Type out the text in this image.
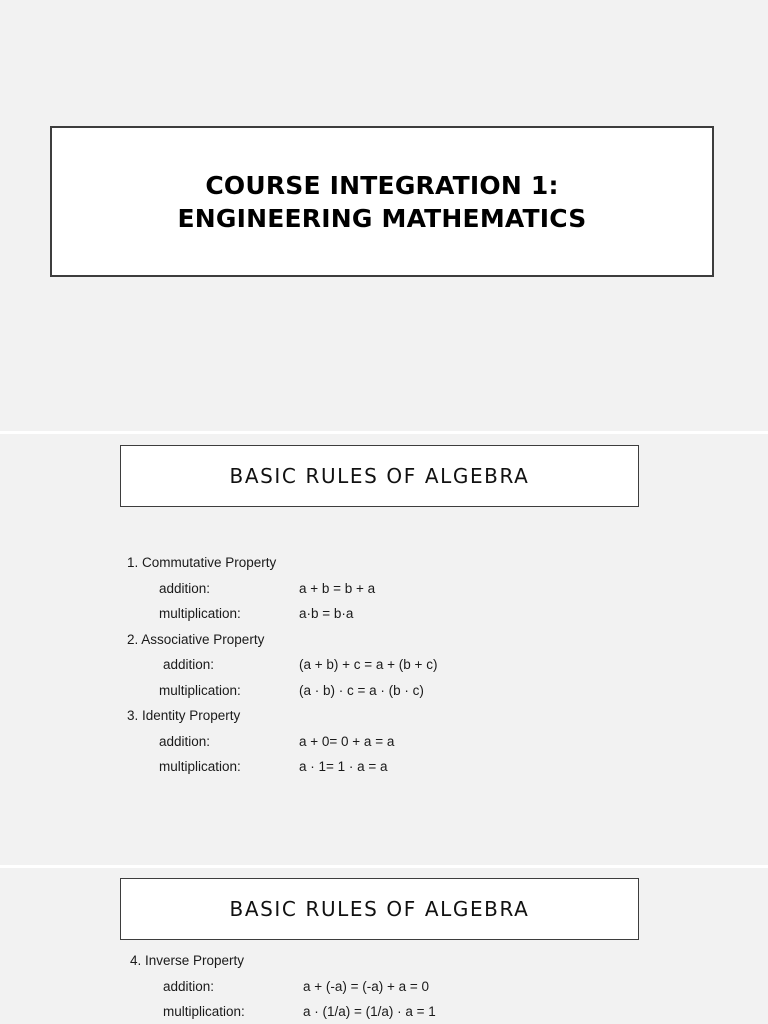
COURSE INTEGRATION 1:
ENGINEERING MATHEMATICS
BASIC RULES OF ALGEBRA
1. Commutative Property
addition:	a + b = b + a
multiplication:	a·b = b·a
2. Associative Property
addition:	(a + b) + c = a + (b + c)
multiplication:	(a · b) · c = a · (b · c)
3. Identity Property
addition:	a + 0= 0 + a = a
multiplication:	a · 1= 1 · a = a
BASIC RULES OF ALGEBRA
4. Inverse Property
addition:	a + (-a) = (-a) + a = 0
multiplication:	a · (1/a) = (1/a) · a = 1
